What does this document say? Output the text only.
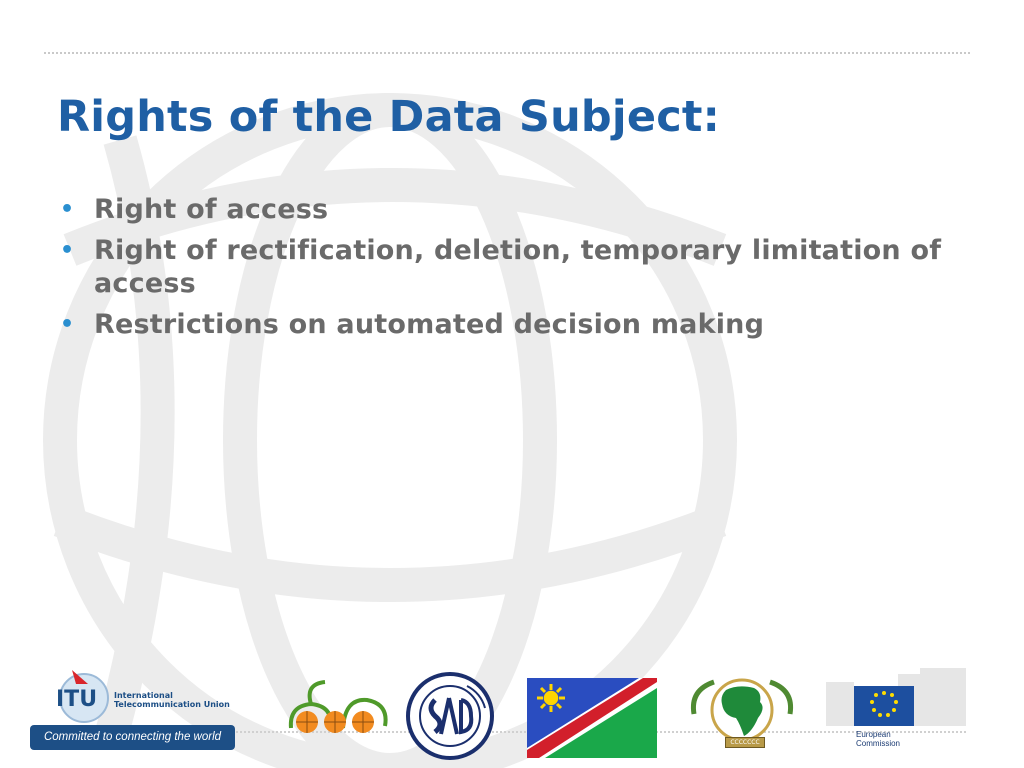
Rights of the Data Subject:
• Right of access
• Right of rectification, deletion, temporary limitation of access
• Restrictions on automated decision making
ITU International Telecommunication Union
Committed to connecting the world	CCCCCCC
European Commission
